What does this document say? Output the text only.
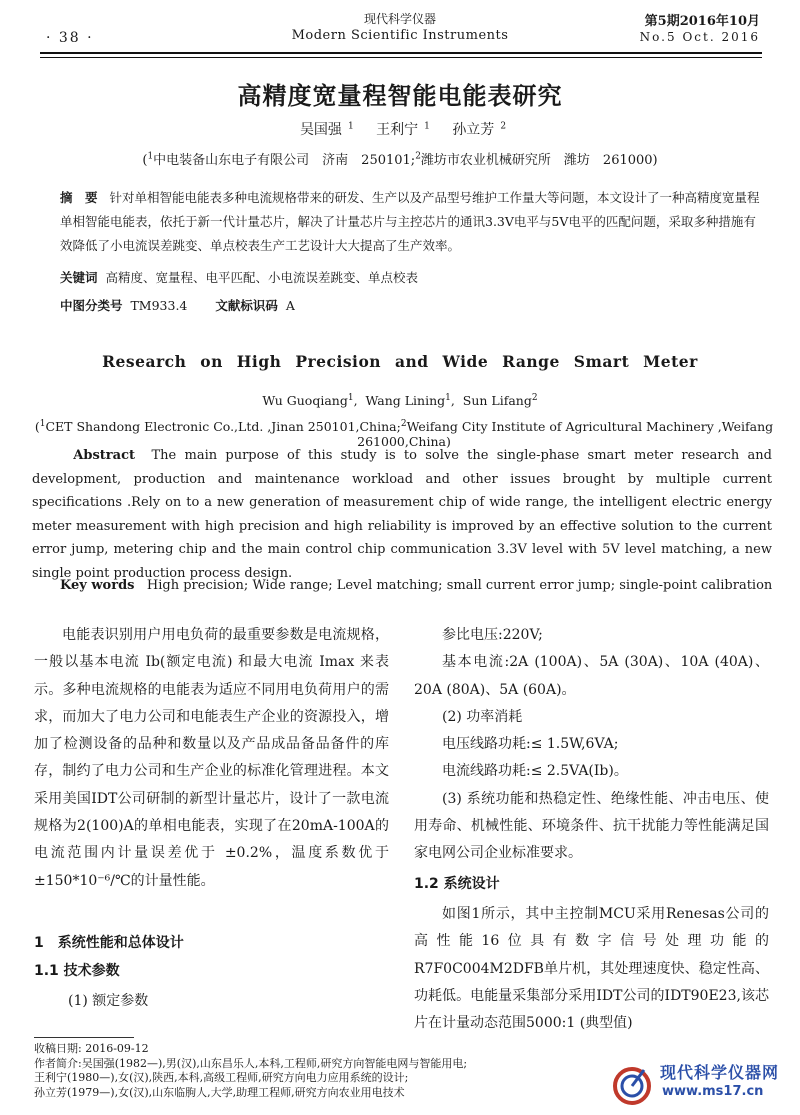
· 38 ·
现代科学仪器
Modern Scientific Instruments
第5期2016年10月
No.5 Oct. 2016
高精度宽量程智能电能表研究
吴国强 $^1$ 王利宁 $^1$ 孙立芳 $^2$
($^1$中电装备山东电子有限公司　济南　250101;$^2$潍坊市农业机械研究所　潍坊　261000)
摘　要 针对单相智能电能表多种电流规格带来的研发、生产以及产品型号维护工作量大等问题，本文设计了一种高精度宽量程单相智能电能表，依托于新一代计量芯片，解决了计量芯片与主控芯片的通讯3.3V电平与5V电平的匹配问题，采取多种措施有效降低了小电流误差跳变、单点校表生产工艺设计大大提高了生产效率。
关键词 高精度、宽量程、电平匹配、小电流误差跳变、单点校表
中图分类号 TM933.4 文献标识码 A
Research on High Precision and Wide Range Smart Meter
Wu Guoqiang$^1$,  Wang Lining$^1$,  Sun Lifang$^2$
($^1$CET Shandong Electronic Co.,Ltd. ,Jinan 250101,China;$^2$Weifang City Institute of Agricultural Machinery ,Weifang 261000,China)
Abstract The main purpose of this study is to solve the single-phase smart meter research and development, production and maintenance workload and other issues brought by multiple current specifications .Rely on to a new generation of measurement chip of wide range, the intelligent electric energy meter measurement with high precision and high reliability is improved by an effective solution to the current error jump, metering chip and the main control chip communication 3.3V level with 5V level matching, a new single point production process design.
Key words High precision; Wide range; Level matching; small current error jump; single-point calibration

电能表识别用户用电负荷的最重要参数是电流规格，一般以基本电流 Ib(额定电流) 和最大电流 Imax 来表示。多种电流规格的电能表为适应不同用电负荷用户的需求，而加大了电力公司和电能表生产企业的资源投入，增加了检测设备的品种和数量以及产品成品备品备件的库存，制约了电力公司和生产企业的标准化管理进程。本文采用美国IDT公司研制的新型计量芯片，设计了一款电流规格为2(100)A的单相电能表，实现了在20mA-100A的电流范围内计量误差优于 ±0.2%，温度系数优于 ±150*10⁻⁶/℃的计量性能。

1　系统性能和总体设计

1.1 技术参数

(1) 额定参数

参比电压:220V;

基本电流:2A (100A)、5A (30A)、10A (40A)、20A (80A)、5A (60A)。

(2) 功率消耗

电压线路功耗:≤ 1.5W,6VA;

电流线路功耗:≤ 2.5VA(Ib)。

(3) 系统功能和热稳定性、绝缘性能、冲击电压、使用寿命、机械性能、环境条件、抗干扰能力等性能满足国家电网公司企业标准要求。

1.2 系统设计

如图1所示，其中主控制MCU采用Renesas公司的高性能16位具有数字信号处理功能的R7F0C004M2DFB单片机，其处理速度快、稳定性高、功耗低。电能量采集部分采用IDT公司的IDT90E23,该芯片在计量动态范围5000:1 (典型值)

收稿日期: 2016-09-12

作者简介:吴国强(1982—),男(汉),山东昌乐人,本科,工程师,研究方向智能电网与智能用电;

王利宁(1980—),女(汉),陕西,本科,高级工程师,研究方向电力应用系统的设计;

孙立芳(1979—),女(汉),山东临朐人,大学,助理工程师,研究方向农业用电技术

现代科学仪器网
www.ms17.cn
